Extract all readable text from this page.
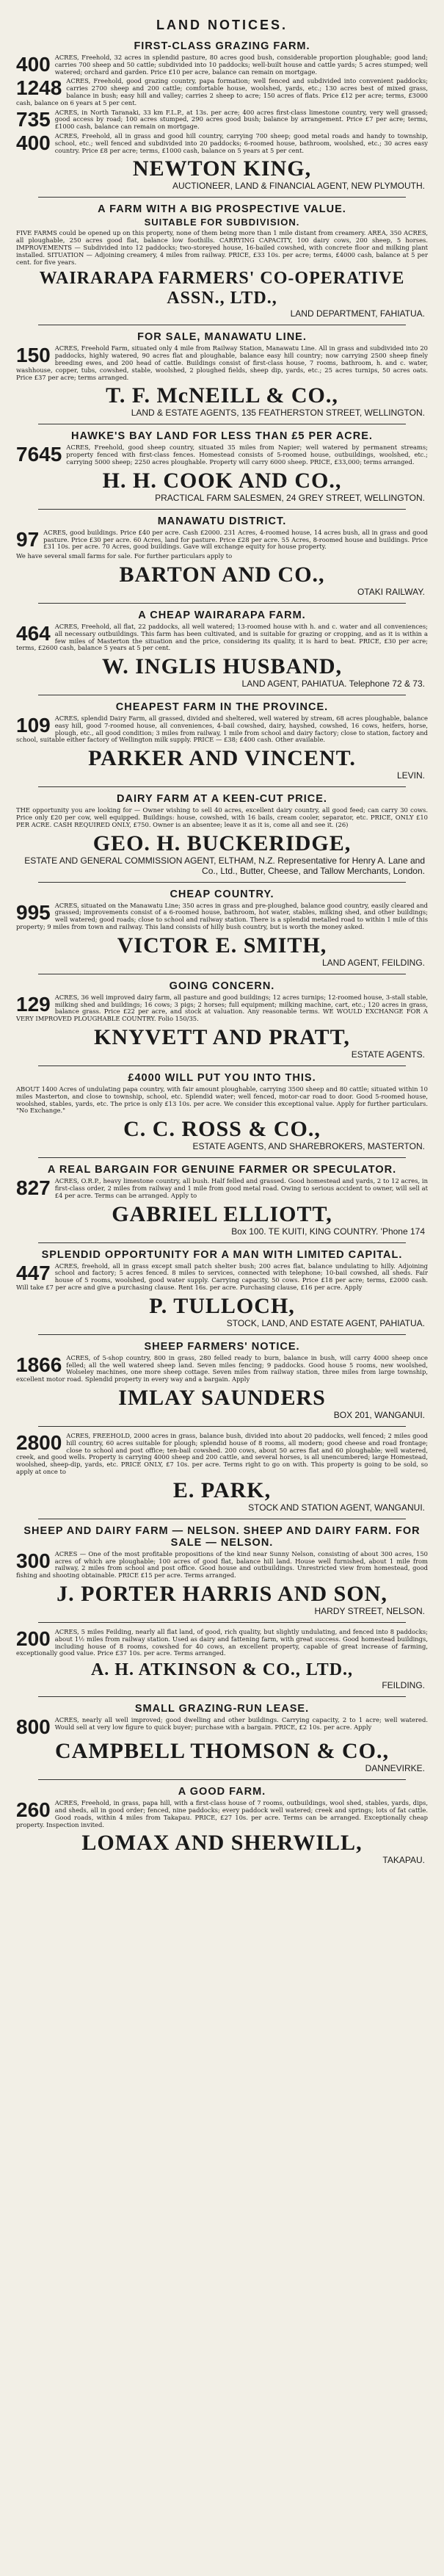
LAND NOTICES.
FIRST-CLASS GRAZING FARM.
400 ACRES, Freehold, 32 acres in splendid pasture, 80 acres good bush, considerable proportion ploughable; good land; carries 700 sheep and 50 cattle; subdivided into 10 paddocks; well-built house and cattle yards; 5 acres stumped; well watered; orchard and garden. Price £10 per acre, balance can remain on mortgage.
1248 ACRES, Freehold, good grazing country, papa formation; well fenced and subdivided into convenient paddocks; carries 2700 sheep and 200 cattle; comfortable house, woolshed, yards, etc.; 130 acres best of mixed grass, balance in bush; easy hill and valley; carries 2 sheep to acre; 150 acres of flats. Price £12 per acre; terms, £3000 cash, balance on 6 years at 5 per cent.
735 ACRES, in North Taranaki, 33 km F.L.P., at 13s. per acre; 400 acres first-class limestone country, very well grassed; good access by road; 100 acres stumped, 290 acres good bush; balance by arrangement. Price £7 per acre; terms, £1000 cash, balance can remain on mortgage.
400 ACRES, Freehold, all in grass and good hill country, carrying 700 sheep; good metal roads and handy to township, school, etc.; well fenced and subdivided into 20 paddocks; 6-roomed house, bathroom, woolshed, etc.; 30 acres easy country. Price £8 per acre; terms, £1000 cash, balance on 5 years at 5 per cent.
NEWTON KING,
AUCTIONEER, LAND & FINANCIAL AGENT, NEW PLYMOUTH.
A FARM WITH A BIG PROSPECTIVE VALUE.
SUITABLE FOR SUBDIVISION.
FIVE FARMS could be opened up on this property, none of them being more than 1 mile distant from creamery. AREA, 350 ACRES, all ploughable, 250 acres good flat, balance low foothills. CARRYING CAPACITY, 100 dairy cows, 200 sheep, 5 horses. IMPROVEMENTS — Subdivided into 12 paddocks; two-storeyed house, 16-bailed cowshed, with concrete floor and milking plant installed. SITUATION — Adjoining creamery, 4 miles from railway. PRICE, £33 10s. per acre; terms, £4000 cash, balance at 5 per cent. for five years.
WAIRARAPA FARMERS' CO-OPERATIVE ASSN., LTD.,
LAND DEPARTMENT, FAHIATUA.
FOR SALE, MANAWATU LINE.
150 ACRES, Freehold Farm, situated only 4 mile from Railway Station, Manawatu Line. All in grass and subdivided into 20 paddocks, highly watered, 90 acres flat and ploughable, balance easy hill country; now carrying 2500 sheep finely breeding ewes, and 200 head of cattle. Buildings consist of first-class house, 7 rooms, bathroom, h. and c. water, washhouse, copper, tubs, cowshed, stable, woolshed, 2 ploughed fields, sheep dip, yards, etc.; 25 acres turnips, 50 acres oats. Price £37 per acre; terms arranged.
T. F. McNEILL & CO.,
LAND & ESTATE AGENTS, 135 FEATHERSTON STREET, WELLINGTON.
HAWKE'S BAY LAND FOR LESS THAN £5 PER ACRE.
7645 ACRES, Freehold, good sheep country, situated 35 miles from Napier; well watered by permanent streams; property fenced with first-class fences. Homestead consists of 5-roomed house, outbuildings, woolshed, etc.; carrying 5000 sheep; 2250 acres ploughable. Property will carry 6000 sheep. PRICE, £33,000; terms arranged.
H. H. COOK AND CO.,
PRACTICAL FARM SALESMEN, 24 GREY STREET, WELLINGTON.
MANAWATU DISTRICT.
97 ACRES, good buildings. Price £40 per acre. Cash £2000. 231 Acres, 4-roomed house, 14 acres bush, all in grass and good pasture. Price £30 per acre. 60 Acres, land for pasture. Price £28 per acre. 55 Acres, 8-roomed house and buildings. Price £31 10s. per acre. 70 Acres, good buildings. Gave will exchange equity for house property.
We have several small farms for sale. For further particulars apply to
BARTON AND CO.,
OTAKI RAILWAY.
A CHEAP WAIRARAPA FARM.
464 ACRES, Freehold, all flat, 22 paddocks, all well watered; 13-roomed house with h. and c. water and all conveniences; all necessary outbuildings. This farm has been cultivated, and is suitable for grazing or cropping, and as it is within a few miles of Masterton the situation and the price, considering its quality, it is hard to beat. PRICE, £30 per acre; terms, £2600 cash, balance 5 years at 5 per cent.
W. INGLIS HUSBAND,
LAND AGENT, PAHIATUA. Telephone 72 & 73.
CHEAPEST FARM IN THE PROVINCE.
109 ACRES, splendid Dairy Farm, all grassed, divided and sheltered, well watered by stream, 68 acres ploughable, balance easy hill, good 7-roomed house, all conveniences, 4-bail cowshed, dairy, hayshed, cowshed, 16 cows, heifers, horse, plough, etc., all good condition; 3 miles from railway, 1 mile from school and dairy factory; close to station, factory and school, suitable either factory of Wellington milk supply. PRICE — £38; £400 cash. Other available.
PARKER AND VINCENT.
LEVIN.
DAIRY FARM AT A KEEN-CUT PRICE.
THE opportunity you are looking for — Owner wishing to sell 40 acres, excellent dairy country, all good feed; can carry 30 cows. Price only £20 per cow, well equipped. Buildings: house, cowshed, with 16 bails, cream cooler, separator, etc. PRICE, ONLY £10 PER ACRE. CASH REQUIRED ONLY, £750. Owner is an absentee; leave it as it is, come all and see it. (26)
GEO. H. BUCKERIDGE,
ESTATE AND GENERAL COMMISSION AGENT, ELTHAM, N.Z. Representative for Henry A. Lane and Co., Ltd., Butter, Cheese, and Tallow Merchants, London.
CHEAP COUNTRY.
995 ACRES, situated on the Manawatu Line; 350 acres in grass and pre-ploughed, balance good country, easily cleared and grassed; improvements consist of a 6-roomed house, bathroom, hot water, stables, milking shed, and other buildings; well watered; good roads; close to school and railway station. There is a splendid metalled road to within 1 mile of this property; 9 miles from town and railway. This land consists of hilly bush country, but is worth the money asked.
VICTOR E. SMITH,
LAND AGENT, FEILDING.
GOING CONCERN.
129 ACRES, 36 well improved dairy farm, all pasture and good buildings; 12 acres turnips; 12-roomed house, 3-stall stable, milking shed and buildings; 16 cows; 3 pigs; 2 horses; full equipment; milking machine, cart, etc.; 120 acres in grass, balance grass. Price £22 per acre, and stock at valuation. Any reasonable terms. WE WOULD EXCHANGE FOR A VERY IMPROVED PLOUGHABLE COUNTRY. Folio 150/35.
KNYVETT AND PRATT,
ESTATE AGENTS.
£4000 WILL PUT YOU INTO THIS.
ABOUT 1400 Acres of undulating papa country, with fair amount ploughable, carrying 3500 sheep and 80 cattle; situated within 10 miles Masterton, and close to township, school, etc. Splendid water; well fenced, motor-car road to door. Good 5-roomed house, woolshed, stables, yards, etc. The price is only £13 10s. per acre. We consider this exceptional value. Apply for further particulars. "No Exchange."
C. C. ROSS & CO.,
ESTATE AGENTS, AND SHAREBROKERS, MASTERTON.
A REAL BARGAIN FOR GENUINE FARMER OR SPECULATOR.
827 ACRES, O.R.P., heavy limestone country, all bush. Half felled and grassed. Good homestead and yards, 2 to 12 acres, in first-class order, 2 miles from railway and 1 mile from good metal road. Owing to serious accident to owner, will sell at £4 per acre. Terms can be arranged. Apply to
GABRIEL ELLIOTT,
Box 100. TE KUITI, KING COUNTRY. 'Phone 174
SPLENDID OPPORTUNITY FOR A MAN WITH LIMITED CAPITAL.
447 ACRES, freehold, all in grass except small patch shelter bush; 200 acres flat, balance undulating to hilly. Adjoining school and factory; 5 acres fenced. 8 miles to services, connected with telephone; 10-bail cowshed, all sheds. Fair house of 5 rooms, woolshed, good water supply. Carrying capacity, 50 cows. Price £18 per acre; terms, £2000 cash. Will take £7 per acre and give a purchasing clause. Rent 16s. per acre. Purchasing clause, £16 per acre. Apply
P. TULLOCH,
STOCK, LAND, AND ESTATE AGENT, PAHIATUA.
SHEEP FARMERS' NOTICE.
1866 ACRES, of 5-shop country, 800 in grass, 280 felled ready to burn, balance in bush, will carry 4000 sheep once felled; all the well watered sheep land. Seven miles fencing; 9 paddocks. Good house 5 rooms, new woolshed, Wolseley machines, one more sheep cottage. Seven miles from railway station, three miles from large township, excellent motor road. Splendid property in every way and a bargain. Apply
IMLAY SAUNDERS
BOX 201, WANGANUI.
2800 ACRES, FREEHOLD, 2000 acres in grass, balance bush, divided into about 20 paddocks, well fenced; 2 miles good hill country, 60 acres suitable for plough; splendid house of 8 rooms, all modern; good cheese and road frontage; close to school and post office; ten-bail cowshed. 200 cows, about 50 acres flat and 60 ploughable; well watered, creek, and good wells. Property is carrying 4000 sheep and 200 cattle, and several horses, is all unencumbered; large Homestead, woolshed, sheep-dip, yards, etc. PRICE ONLY, £7 10s. per acre. Terms right to go on with. This property is going to be sold, so apply at once to
E. PARK,
STOCK AND STATION AGENT, WANGANUI.
SHEEP AND DAIRY FARM — NELSON. SHEEP AND DAIRY FARM. FOR SALE — NELSON.
300 ACRES — One of the most profitable propositions of the kind near Sunny Nelson, consisting of about 300 acres, 150 acres of which are ploughable; 100 acres of good flat, balance hill land. House well furnished, about 1 mile from railway, 2 miles from school and post office. Good house and outbuildings. Unrestricted view from homestead, good fishing and shooting obtainable. PRICE £15 per acre. Terms arranged.
J. PORTER HARRIS AND SON,
HARDY STREET, NELSON.
200 ACRES, 5 miles Feilding, nearly all flat land, of good, rich quality, but slightly undulating, and fenced into 8 paddocks; about 1½ miles from railway station. Used as dairy and fattening farm, with great success. Good homestead buildings, including house of 8 rooms, cowshed for 40 cows, an excellent property, capable of great increase of farming, exceptionally good value. Price £37 10s. per acre. Terms arranged.
A. H. ATKINSON & CO., LTD.,
FEILDING.
SMALL GRAZING-RUN LEASE.
800 ACRES, nearly all well improved; good dwelling and other buildings. Carrying capacity, 2 to 1 acre; well watered. Would sell at very low figure to quick buyer; purchase with a bargain. PRICE, £2 10s. per acre. Apply
CAMPBELL THOMSON & CO.,
DANNEVIRKE.
A GOOD FARM.
260 ACRES, Freehold, in grass, papa hill, with a first-class house of 7 rooms, outbuildings, wool shed, stables, yards, dips, and sheds, all in good order; fenced, nine paddocks; every paddock well watered; creek and springs; lots of fat cattle. Good roads, within 4 miles from Takapau. PRICE, £27 10s. per acre. Terms can be arranged. Exceptionally cheap property. Inspection invited.
LOMAX AND SHERWILL,
TAKAPAU.
